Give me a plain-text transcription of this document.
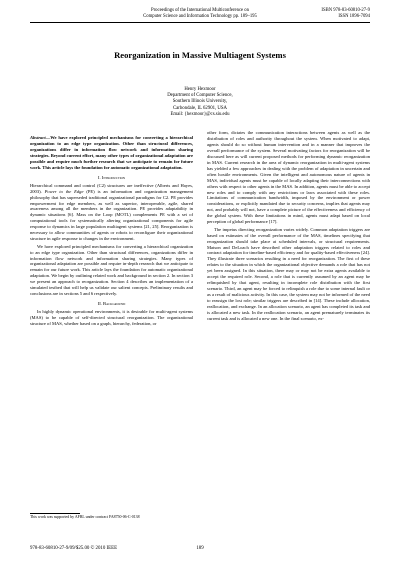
Proceedings of the International Multiconference on
Computer Science and Information Technology pp. 189–195
ISBN 978-83-60810-27-9
ISSN 1896-7094
Reorganization in Massive Multiagent Systems
Henry Hexmoor
Department of Computer Science,
Southern Illinois University,
Carbondale, IL 62901, USA
Email: {hexmoor}@cs.siu.edu

Abstract—We have explored principled mechanisms for converting a hierarchical organization to an edge type organization. Other than structural differences, organizations differ in information flow network and information sharing strategies. Beyond current effort, many other types of organizational adaptation are possible and require much further research that we anticipate to remain for future work. This article lays the foundation for automatic organizational adaptation.

I. Introduction

Hierarchical command and control (C2) structures are ineffective (Alberts and Hayes, 2003). Power to the Edge (PE) is an information and organization management philosophy that has superseded traditional organizational paradigms for C2. PE provides empowerment for edge members, as well as superior, interoperable, agile, shared awareness among all the members in the organization. PE provides adaptability in dynamic situations [6]. Mass on the Loop (MOTL) complements PE with a set of computational tools for systematically altering organizational components for agile response to dynamics in large population multiagent systems [21, 25]. Reorganization is necessary to allow communities of agents or robots to reconfigure their organizational structure in agile response to changes in the environment.

We have explored principled mechanisms for converting a hierarchical organization to an edge type organization. Other than structural differences, organizations differ in information flow network and information sharing strategies. Many types of organizational adaptation are possible and require in-depth research that we anticipate to remain for our future work. This article lays the foundation for automatic organizational adaptation. We begin by outlining related work and background in section 2. In section 3 we present an approach to reorganization. Section 4 describes an implementation of a simulated testbed that will help us validate our salient concepts. Preliminary results and conclusions are in sections 5 and 6 respectively.

II. Background

In highly dynamic operational environments, it is desirable for multi-agent systems (MAS) to be capable of self-directed structural reorganization. The organizational structure of MAS, whether based on a graph, hierarchy, federation, or

This work was supported by AFRL under contract FA8750-06-C-0138

other form, dictates the communication interactions between agents as well as the distribution of roles and authority throughout the system. When motivated to adapt, agents should do so without human intervention and in a manner that improves the overall performance of the system. Several motivating factors for reorganization will be discussed here as will current proposed methods for performing dynamic reorganization in MAS. Current research in the area of dynamic reorganization in multi-agent systems has yielded a few approaches in dealing with the problem of adaptation in uncertain and often hostile environments. Given the intelligent and autonomous nature of agents in MAS, individual agents must be capable of locally adapting their interconnections with others with respect to other agents in the MAS. In addition, agents must be able to accept new roles and to comply with any restrictions or laws associated with these roles. Limitations of communication bandwidth, imposed by the environment or power considerations, or explicitly mandated due to security concerns, implies that agents may not, and probably will not, have a complete picture of the effectiveness and efficiency of the global system. With these limitations in mind, agents must adapt based on local perception of global performance [17].

The impetus directing reorganization varies widely. Common adaptation triggers are based on estimates of the overall performance of the MAS, timelines specifying that reorganization should take place at scheduled intervals, or structural requirements. Matson and DeLoach have described other adaptation triggers related to roles and contract adaptation for timeline-based efficiency and for quality-based effectiveness [24]. They illustrate three scenarios resulting in a need for reorganization. The first of these relates to the situation in which the organizational objective demands a role that has not yet been assigned. In this situation, there may or may not be extra agents available to accept the required role. Second, a role that is currently assumed by an agent may be relinquished by that agent, resulting in incomplete role distribution with the first scenario. Third, an agent may be forced to relinquish a role due to some internal fault or as a result of malicious activity. In this case, the system may not be informed of the need to reassign the lost role; similar triggers are described in [14]. These include allocation, reallocation, and exchange. In an allocation scenario, an agent has completed its task and is allocated a new task. In the reallocation scenario, an agent prematurely terminates its current task and is allocated a new one. In the final scenario, ex-

978-83-60810-27-9/09/$25.00 © 2010 IEEE	189
